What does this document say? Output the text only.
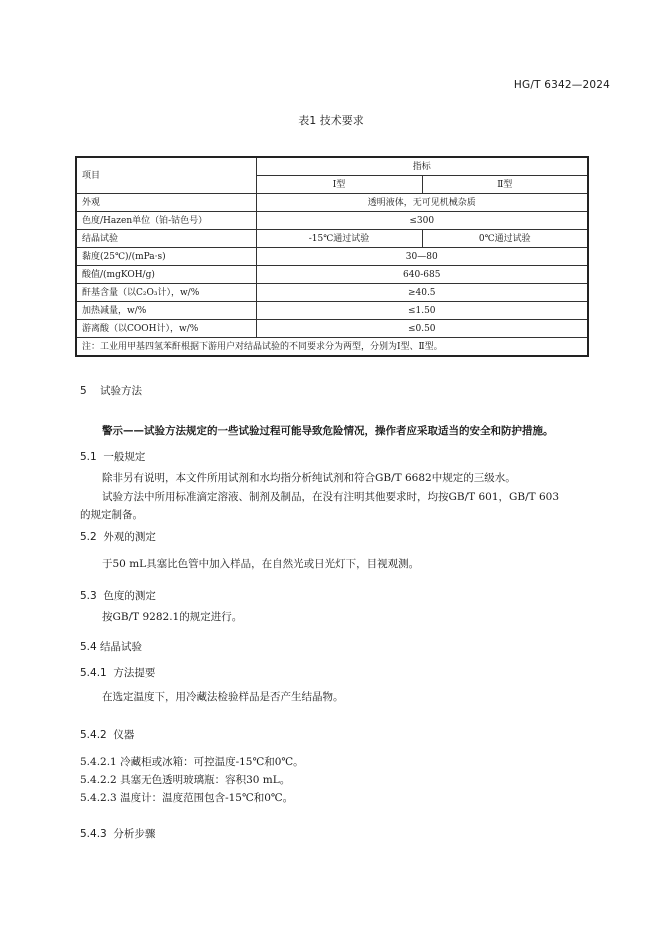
HG/T 6342—2024
表1 技术要求
项目	指标	
	Ⅰ型	Ⅱ型
外观	透明液体，无可见机械杂质	
色度/Hazen单位（铂-钴色号）	≤300	
结晶试验	-15℃通过试验	0℃通过试验
黏度(25℃)/(mPa·s)	30—80	
酸值/(mgKOH/g)	640-685	
酐基含量（以C₂O₃计），w/%	≥40.5	
加热减量，w/%	≤1.50	
游离酸（以COOH计），w/%	≤0.50	
注：工业用甲基四氢苯酐根据下游用户对结晶试验的不同要求分为两型，分别为Ⅰ型、Ⅱ型。		
5 试验方法
警示——试验方法规定的一些试验过程可能导致危险情况，操作者应采取适当的安全和防护措施。
5.1 一般规定
除非另有说明，本文件所用试剂和水均指分析纯试剂和符合GB/T 6682中规定的三级水。
试验方法中所用标准滴定溶液、制剂及制品，在没有注明其他要求时，均按GB/T 601，GB/T 603
的规定制备。
5.2 外观的测定
于50 mL具塞比色管中加入样品，在自然光或日光灯下，目视观测。
5.3 色度的测定
按GB/T 9282.1的规定进行。
5.4 结晶试验
5.4.1 方法提要
在选定温度下，用冷藏法检验样品是否产生结晶物。
5.4.2 仪器
5.4.2.1 冷藏柜或冰箱：可控温度-15℃和0℃。
5.4.2.2 具塞无色透明玻璃瓶：容积30 mL。
5.4.2.3 温度计：温度范围包含-15℃和0℃。
5.4.3 分析步骤
